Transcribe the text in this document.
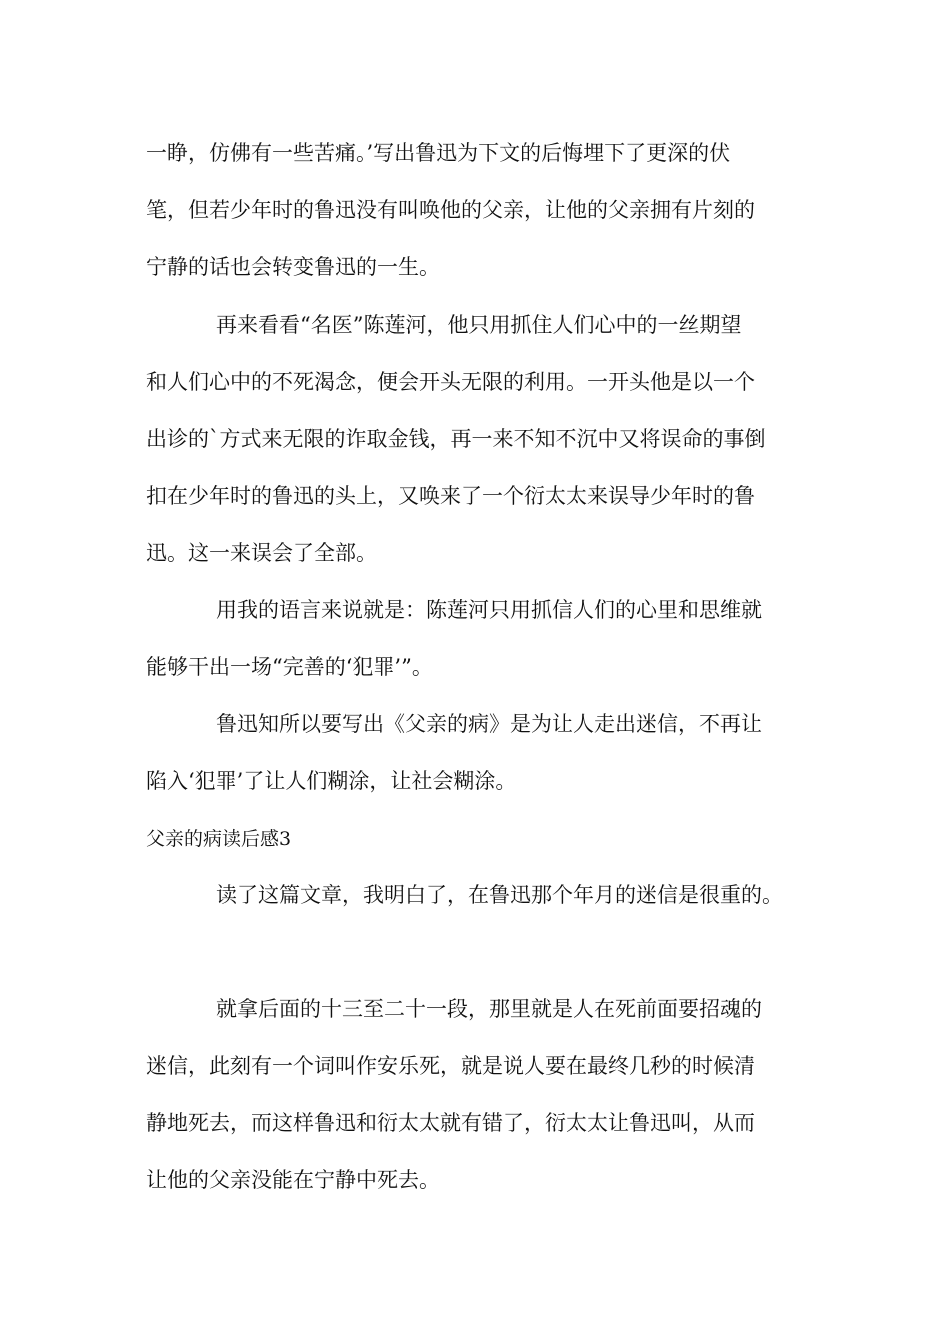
一睁，仿佛有一些苦痛。’写出鲁迅为下文的后悔埋下了更深的伏
笔，但若少年时的鲁迅没有叫唤他的父亲，让他的父亲拥有片刻的
宁静的话也会转变鲁迅的一生。
再来看看“名医”陈莲河，他只用抓住人们心中的一丝期望
和人们心中的不死渴念，便会开头无限的利用。一开头他是以一个
出诊的`方式来无限的诈取金钱，再一来不知不沉中又将误命的事倒
扣在少年时的鲁迅的头上，又唤来了一个衍太太来误导少年时的鲁
迅。这一来误会了全部。
用我的语言来说就是：陈莲河只用抓信人们的心里和思维就
能够干出一场“完善的‘犯罪’”。
鲁迅知所以要写出《父亲的病》是为让人走出迷信，不再让
陷入‘犯罪’了让人们糊涂，让社会糊涂。
父亲的病读后感3
读了这篇文章，我明白了，在鲁迅那个年月的迷信是很重的。
就拿后面的十三至二十一段，那里就是人在死前面要招魂的
迷信，此刻有一个词叫作安乐死，就是说人要在最终几秒的时候清
静地死去，而这样鲁迅和衍太太就有错了，衍太太让鲁迅叫，从而
让他的父亲没能在宁静中死去。
